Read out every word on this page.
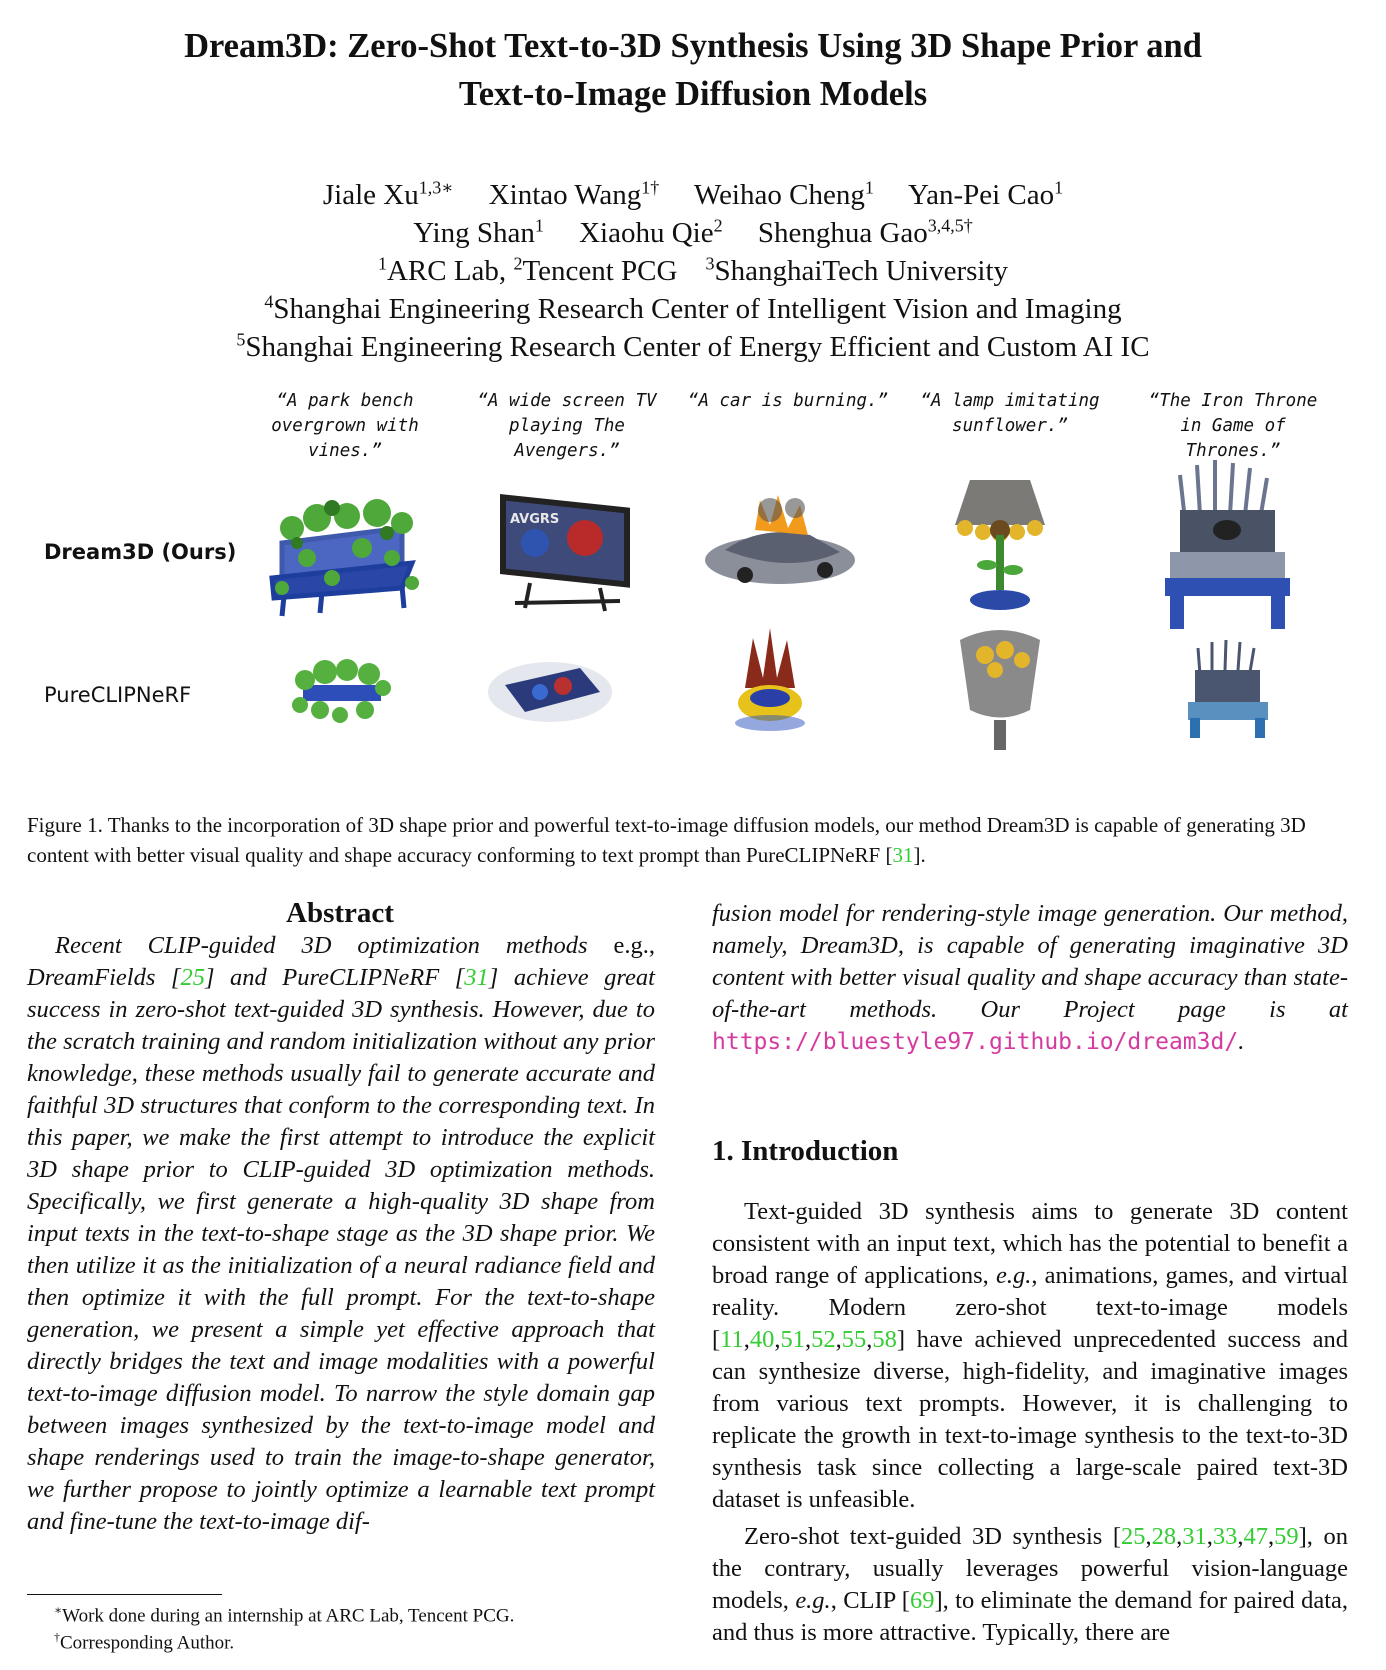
Dream3D: Zero-Shot Text-to-3D Synthesis Using 3D Shape Prior and
Text-to-Image Diffusion Models
Jiale $Xu^{1,3∗}$ Xintao Wang$^{1\dagger}$ Weihao Cheng$^1$ Yan-Pei Cao$^1$
Ying Shan$^1$ Xiaohu Qie$^2$ Shenghua Gao$^{3,4,5\dagger}$
$^1$ARC Lab, $^2$Tencent PCG $^3$ShanghaiTech University
$^4$Shanghai Engineering Research Center of Intelligent Vision and Imaging
$^5$Shanghai Engineering Research Center of Energy Efficient and Custom AI IC
“A park bench
overgrown with
vines.”
“A wide screen TV
playing The
Avengers.”
“A car is burning.”	“A lamp imitating
sunflower.”
“The Iron Throne
in Game of
Thrones.”
Dream3D (Ours)
PureCLIPNeRF
AVGRS
Figure 1. Thanks to the incorporation of 3D shape prior and powerful text-to-image diffusion models, our method Dream3D is capable of generating 3D content with better visual quality and shape accuracy conforming to text prompt than PureCLIPNeRF [31].
Abstract
Recent CLIP-guided 3D optimization methods e.g., DreamFields [25] and PureCLIPNeRF [31] achieve great success in zero-shot text-guided 3D synthesis. However, due to the scratch training and random initialization without any prior knowledge, these methods usually fail to generate accurate and faithful 3D structures that conform to the corresponding text. In this paper, we make the first attempt to introduce the explicit 3D shape prior to CLIP-guided 3D optimization methods. Specifically, we first generate a high-quality 3D shape from input texts in the text-to-shape stage as the 3D shape prior. We then utilize it as the initialization of a neural radiance field and then optimize it with the full prompt. For the text-to-shape generation, we present a simple yet effective approach that directly bridges the text and image modalities with a powerful text-to-image diffusion model. To narrow the style domain gap between images synthesized by the text-to-image model and shape renderings used to train the image-to-shape generator, we further propose to jointly optimize a learnable text prompt and fine-tune the text-to-image dif-
fusion model for rendering-style image generation. Our method, namely, Dream3D, is capable of generating imaginative 3D content with better visual quality and shape accuracy than state-of-the-art methods. Our Project page is at https://bluestyle97.github.io/dream3d/.
1. Introduction

Text-guided 3D synthesis aims to generate 3D content consistent with an input text, which has the potential to benefit a broad range of applications, e.g., animations, games, and virtual reality. Modern zero-shot text-to-image models [11,40,51,52,55,58] have achieved unprecedented success and can synthesize diverse, high-fidelity, and imaginative images from various text prompts. However, it is challenging to replicate the growth in text-to-image synthesis to the text-to-3D synthesis task since collecting a large-scale paired text-3D dataset is unfeasible.

Zero-shot text-guided 3D synthesis [25,28,31,33,47,59], on the contrary, usually leverages powerful vision-language models, e.g., CLIP [69], to eliminate the demand for paired data, and thus is more attractive. Typically, there are

∗Work done during an internship at ARC Lab, Tencent PCG.
†Corresponding Author.
